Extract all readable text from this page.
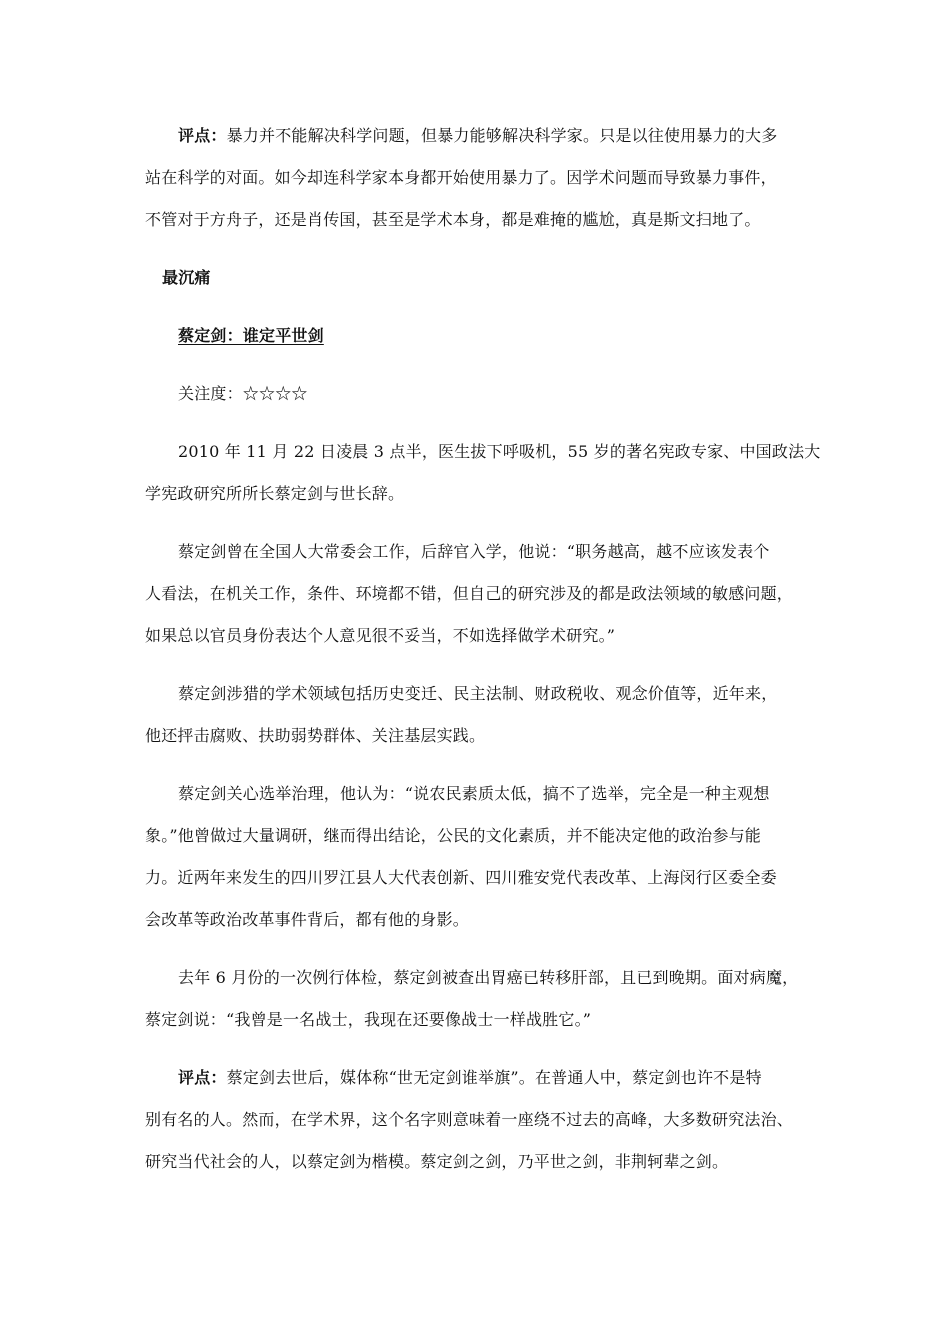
评点：暴力并不能解决科学问题，但暴力能够解决科学家。只是以往使用暴力的大多
站在科学的对面。如今却连科学家本身都开始使用暴力了。因学术问题而导致暴力事件，
不管对于方舟子，还是肖传国，甚至是学术本身，都是难掩的尴尬，真是斯文扫地了。
最沉痛
蔡定剑：谁定平世剑
关注度：☆☆☆☆
2010 年 11 月 22 日凌晨 3 点半，医生拔下呼吸机，55 岁的著名宪政专家、中国政法大
学宪政研究所所长蔡定剑与世长辞。
蔡定剑曾在全国人大常委会工作，后辞官入学，他说：“职务越高，越不应该发表个
人看法，在机关工作，条件、环境都不错，但自己的研究涉及的都是政法领域的敏感问题，
如果总以官员身份表达个人意见很不妥当，不如选择做学术研究。”
蔡定剑涉猎的学术领域包括历史变迁、民主法制、财政税收、观念价值等，近年来，
他还抨击腐败、扶助弱势群体、关注基层实践。
蔡定剑关心选举治理，他认为：“说农民素质太低，搞不了选举，完全是一种主观想
象。”他曾做过大量调研，继而得出结论，公民的文化素质，并不能决定他的政治参与能
力。近两年来发生的四川罗江县人大代表创新、四川雅安党代表改革、上海闵行区委全委
会改革等政治改革事件背后，都有他的身影。
去年 6 月份的一次例行体检，蔡定剑被查出胃癌已转移肝部，且已到晚期。面对病魔，
蔡定剑说：“我曾是一名战士，我现在还要像战士一样战胜它。”
评点：蔡定剑去世后，媒体称“世无定剑谁举旗”。在普通人中，蔡定剑也许不是特
别有名的人。然而，在学术界，这个名字则意味着一座绕不过去的高峰，大多数研究法治、
研究当代社会的人，以蔡定剑为楷模。蔡定剑之剑，乃平世之剑，非荆轲辈之剑。
